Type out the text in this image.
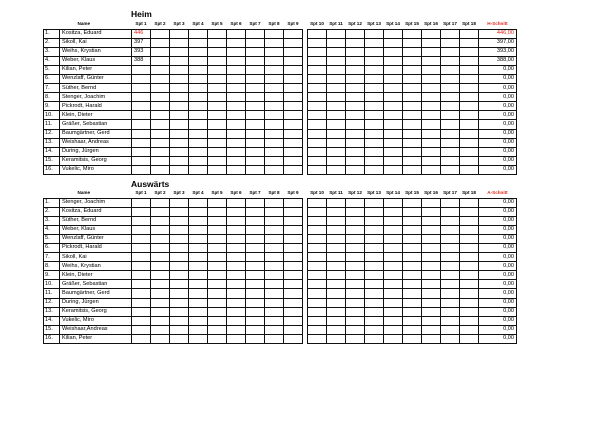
Heim
	Name	Spt 1	Spt 2	Spt 3	Spt 4	Spt 5	Spt 6	Spt 7	Spt 8	Spt 9		Spt 10	Spt 11	Spt 12	Spt 13	Spt 14	Spt 15	Spt 16	Spt 17	Spt 18	H-Schnitt
1.	Kositza, Eduard	446																			446,00
2.	Sikoll, Kai	397																			397,00
3.	Weihs, Krystian	393																			393,00
4.	Weber, Klaus	388																			388,00
5.	Kilian, Peter																				0,00
6.	Wenzlaff, Günter																				0,00
7.	Süther, Bernd																				0,00
8.	Stenger, Joachim																				0,00
9.	Pickrodt, Harald																				0,00
10.	Klein, Dieter																				0,00
11.	Gräßer, Sebastian																				0,00
12.	Baumgärtner, Gerd																				0,00
13.	Weishaar, Andreas																				0,00
14.	During, Jürgen																				0,00
15.	Keramitsis, Georg																				0,00
16.	Vukelic, Miro																				0,00
Auswärts
	Name	Spt 1	Spt 2	Spt 3	Spt 4	Spt 5	Spt 6	Spt 7	Spt 8	Spt 9		Spt 10	Spt 11	Spt 12	Spt 13	Spt 14	Spt 15	Spt 16	Spt 17	Spt 18	A-Schnitt
1.	Stenger, Joachim																				0,00
2.	Kositza, Eduard																				0,00
3.	Süther, Bernd																				0,00
4.	Weber, Klaus																				0,00
5.	Wenzlaff, Günter																				0,00
6.	Pickrodt, Harald																				0,00
7.	Sikoll, Kai																				0,00
8.	Weihs, Krystian																				0,00
9.	Klein, Dieter																				0,00
10.	Gräßer, Sebastian																				0,00
11.	Baumgärtner, Gerd																				0,00
12.	During, Jürgen																				0,00
13.	Keramitsis, Georg																				0,00
14.	Vukelic, Miro																				0,00
15.	Weishaar,Andreas																				0,00
16.	Kilian, Peter																				0,00
